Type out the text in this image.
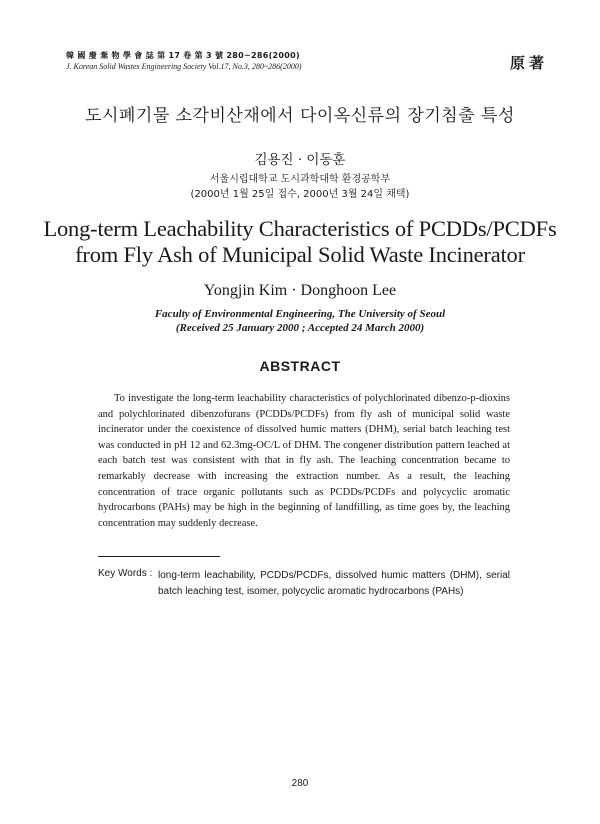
韓 國 廢 棄 物 學 會 誌 第 17 卷 第 3 號 280~286(2000)
J. Korean Solid Wastes Engineering Society Vol.17, No.3, 280~286(2000)	原著
도시폐기물 소각비산재에서 다이옥신류의 장기침출 특성
김용진 · 이동훈
서울시립대학교 도시과학대학 환경공학부
(2000년 1월 25일 접수, 2000년 3월 24일 채택)
Long-term Leachability Characteristics of PCDDs/PCDFs
from Fly Ash of Municipal Solid Waste Incinerator
Yongjin Kim · Donghoon Lee
Faculty of Environmental Engineering, The University of Seoul
(Received 25 January 2000 ; Accepted 24 March 2000)
ABSTRACT

To investigate the long-term leachability characteristics of polychlorinated dibenzo-p-dioxins and polychlorinated dibenzofurans (PCDDs/PCDFs) from fly ash of municipal solid waste incinerator under the coexistence of dissolved humic matters (DHM), serial batch leaching test was conducted in pH 12 and 62.3mg-OC/L of DHM. The congener distribution pattern leached at each batch test was consistent with that in fly ash. The leaching concentration became to remarkably decrease with increasing the extraction number. As a result, the leaching concentration of trace organic pollutants such as PCDDs/PCDFs and polycyclic aromatic hydrocarbons (PAHs) may be high in the beginning of landfilling, as time goes by, the leaching concentration may suddenly decrease.

Key Words : long-term leachability, PCDDs/PCDFs, dissolved humic matters (DHM), serial batch leaching test, isomer, polycyclic aromatic hydrocarbons (PAHs)
280
